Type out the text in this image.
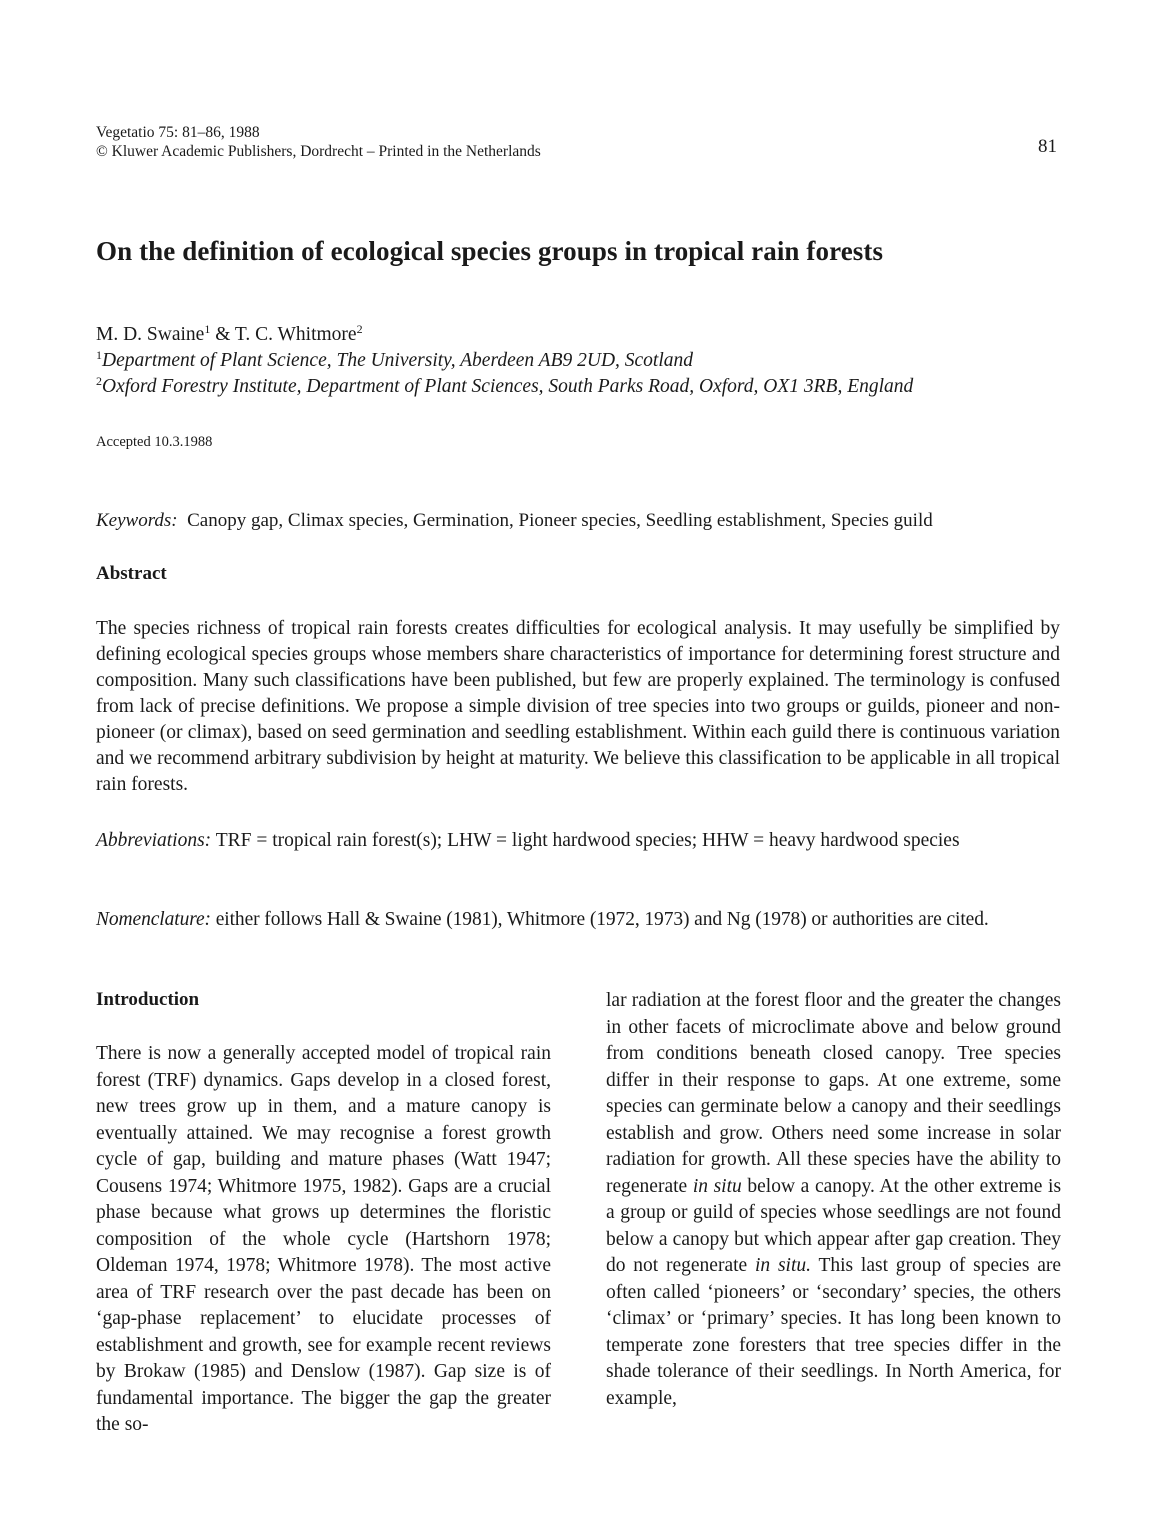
Vegetatio 75: 81–86, 1988
© Kluwer Academic Publishers, Dordrecht – Printed in the Netherlands	81
On the definition of ecological species groups in tropical rain forests
M. D. Swaine$^1$ & T. C. Whitmore$^2$
$^1$Department of Plant Science, The University, Aberdeen AB9 2UD, Scotland
$^2$Oxford Forestry Institute, Department of Plant Sciences, South Parks Road, Oxford, OX1 3RB, England
Accepted 10.3.1988
Keywords: Canopy gap, Climax species, Germination, Pioneer species, Seedling establishment, Species guild
Abstract

The species richness of tropical rain forests creates difficulties for ecological analysis. It may usefully be simplified by defining ecological species groups whose members share characteristics of importance for determining forest structure and composition. Many such classifications have been published, but few are properly explained. The terminology is confused from lack of precise definitions. We propose a simple division of tree species into two groups or guilds, pioneer and non-pioneer (or climax), based on seed germination and seedling establishment. Within each guild there is continuous variation and we recommend arbitrary subdivision by height at maturity. We believe this classification to be applicable in all tropical rain forests.

Abbreviations: TRF = tropical rain forest(s); LHW = light hardwood species; HHW = heavy hardwood species

Nomenclature: either follows Hall & Swaine (1981), Whitmore (1972, 1973) and Ng (1978) or authorities are cited.

Introduction

There is now a generally accepted model of tropical rain forest (TRF) dynamics. Gaps develop in a closed forest, new trees grow up in them, and a mature canopy is eventually attained. We may recognise a forest growth cycle of gap, building and mature phases (Watt 1947; Cousens 1974; Whitmore 1975, 1982). Gaps are a crucial phase because what grows up determines the floristic composition of the whole cycle (Hartshorn 1978; Oldeman 1974, 1978; Whitmore 1978). The most active area of TRF research over the past decade has been on ‘gap-phase replacement’ to elucidate processes of establishment and growth, see for example recent reviews by Brokaw (1985) and Denslow (1987). Gap size is of fundamental importance. The bigger the gap the greater the so-

lar radiation at the forest floor and the greater the changes in other facets of microclimate above and below ground from conditions beneath closed canopy. Tree species differ in their response to gaps. At one extreme, some species can germinate below a canopy and their seedlings establish and grow. Others need some increase in solar radiation for growth. All these species have the ability to regenerate in situ below a canopy. At the other extreme is a group or guild of species whose seedlings are not found below a canopy but which appear after gap creation. They do not regenerate in situ. This last group of species are often called ‘pioneers’ or ‘secondary’ species, the others ‘climax’ or ‘primary’ species. It has long been known to temperate zone foresters that tree species differ in the shade tolerance of their seedlings. In North America, for example,
